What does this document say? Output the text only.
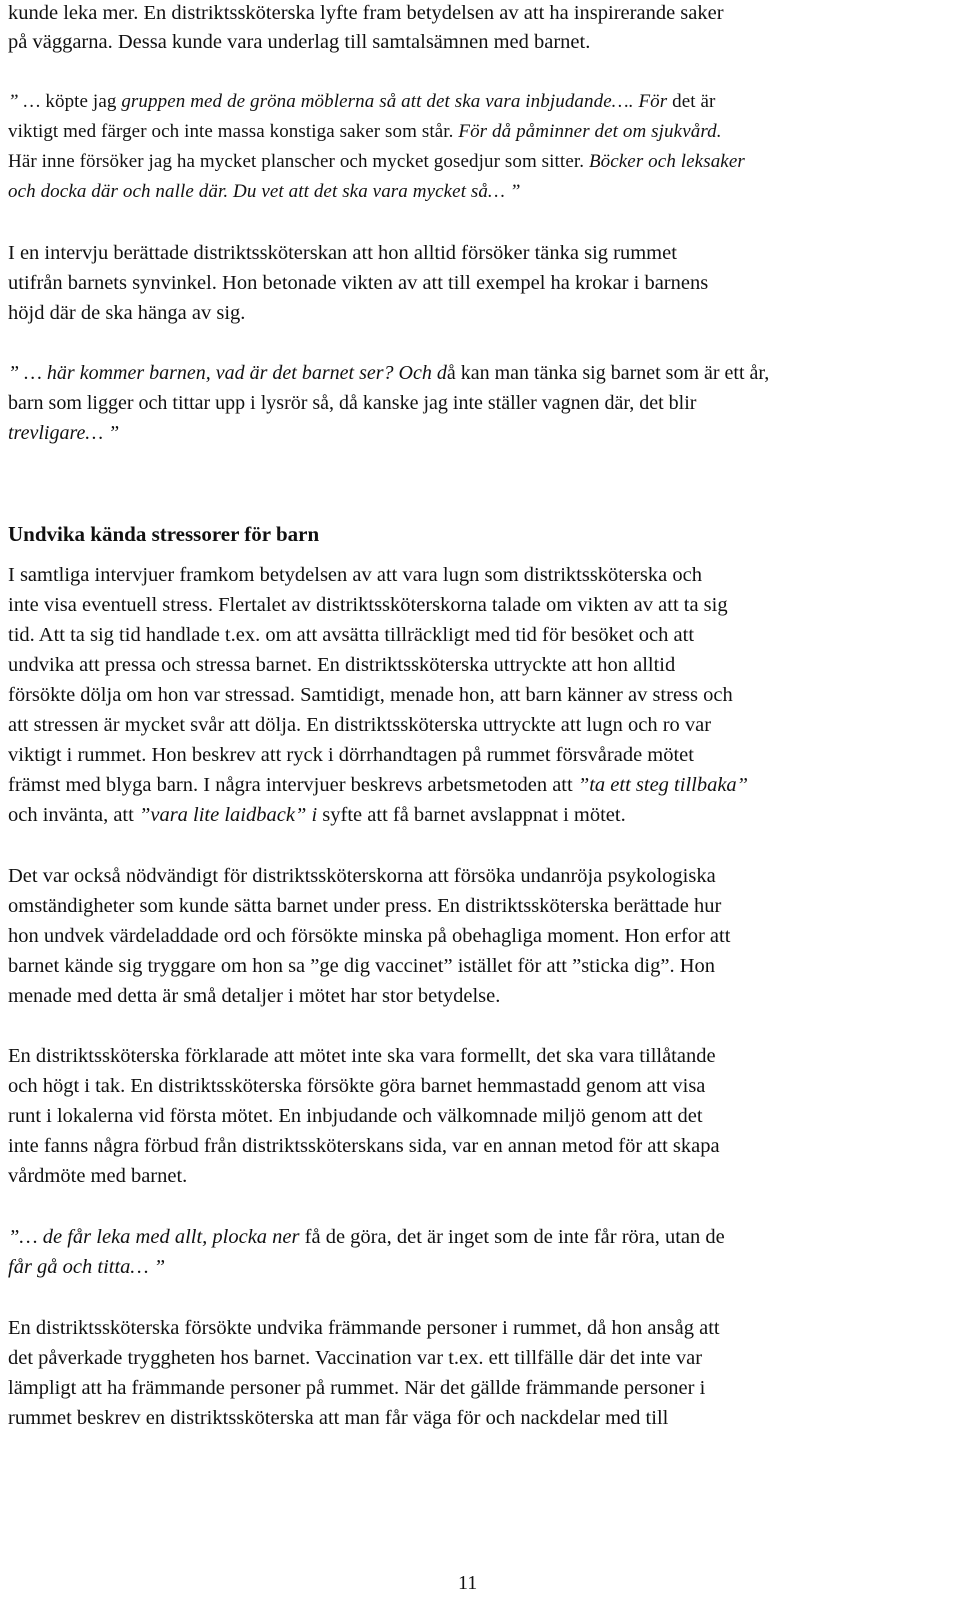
kunde leka mer. En distriktssköterska lyfte fram betydelsen av att ha inspirerande saker
på väggarna. Dessa kunde vara underlag till samtalsämnen med barnet.
” … köpte jag gruppen med de gröna möblerna så att det ska vara inbjudande…. För det är
viktigt med färger och inte massa konstiga saker som står. För då påminner det om sjukvård.
Här inne försöker jag ha mycket planscher och mycket gosedjur som sitter. Böcker och leksaker
och docka där och nalle där. Du vet att det ska vara mycket så… ”
I en intervju berättade distriktssköterskan att hon alltid försöker tänka sig rummet
utifrån barnets synvinkel. Hon betonade vikten av att till exempel ha krokar i barnens
höjd där de ska hänga av sig.
” … här kommer barnen, vad är det barnet ser? Och då kan man tänka sig barnet som är ett år,
barn som ligger och tittar upp i lysrör så, då kanske jag inte ställer vagnen där, det blir
trevligare… ”
Undvika kända stressorer för barn
I samtliga intervjuer framkom betydelsen av att vara lugn som distriktssköterska och
inte visa eventuell stress. Flertalet av distriktssköterskorna talade om vikten av att ta sig
tid. Att ta sig tid handlade t.ex. om att avsätta tillräckligt med tid för besöket och att
undvika att pressa och stressa barnet. En distriktssköterska uttryckte att hon alltid
försökte dölja om hon var stressad. Samtidigt, menade hon, att barn känner av stress och
att stressen är mycket svår att dölja. En distriktssköterska uttryckte att lugn och ro var
viktigt i rummet. Hon beskrev att ryck i dörrhandtagen på rummet försvårade mötet
främst med blyga barn. I några intervjuer beskrevs arbetsmetoden att ”ta ett steg tillbaka”
och invänta, att ”vara lite laidback” i syfte att få barnet avslappnat i mötet.
Det var också nödvändigt för distriktssköterskorna att försöka undanröja psykologiska
omständigheter som kunde sätta barnet under press. En distriktssköterska berättade hur
hon undvek värdeladdade ord och försökte minska på obehagliga moment. Hon erfor att
barnet kände sig tryggare om hon sa ”ge dig vaccinet” istället för att ”sticka dig”. Hon
menade med detta är små detaljer i mötet har stor betydelse.
En distriktssköterska förklarade att mötet inte ska vara formellt, det ska vara tillåtande
och högt i tak. En distriktssköterska försökte göra barnet hemmastadd genom att visa
runt i lokalerna vid första mötet. En inbjudande och välkomnade miljö genom att det
inte fanns några förbud från distriktssköterskans sida, var en annan metod för att skapa
vårdmöte med barnet.
”… de får leka med allt, plocka ner få de göra, det är inget som de inte får röra, utan de
får gå och titta… ”
En distriktssköterska försökte undvika främmande personer i rummet, då hon ansåg att
det påverkade tryggheten hos barnet. Vaccination var t.ex. ett tillfälle där det inte var
lämpligt att ha främmande personer på rummet. När det gällde främmande personer i
rummet beskrev en distriktssköterska att man får väga för och nackdelar med till
11
